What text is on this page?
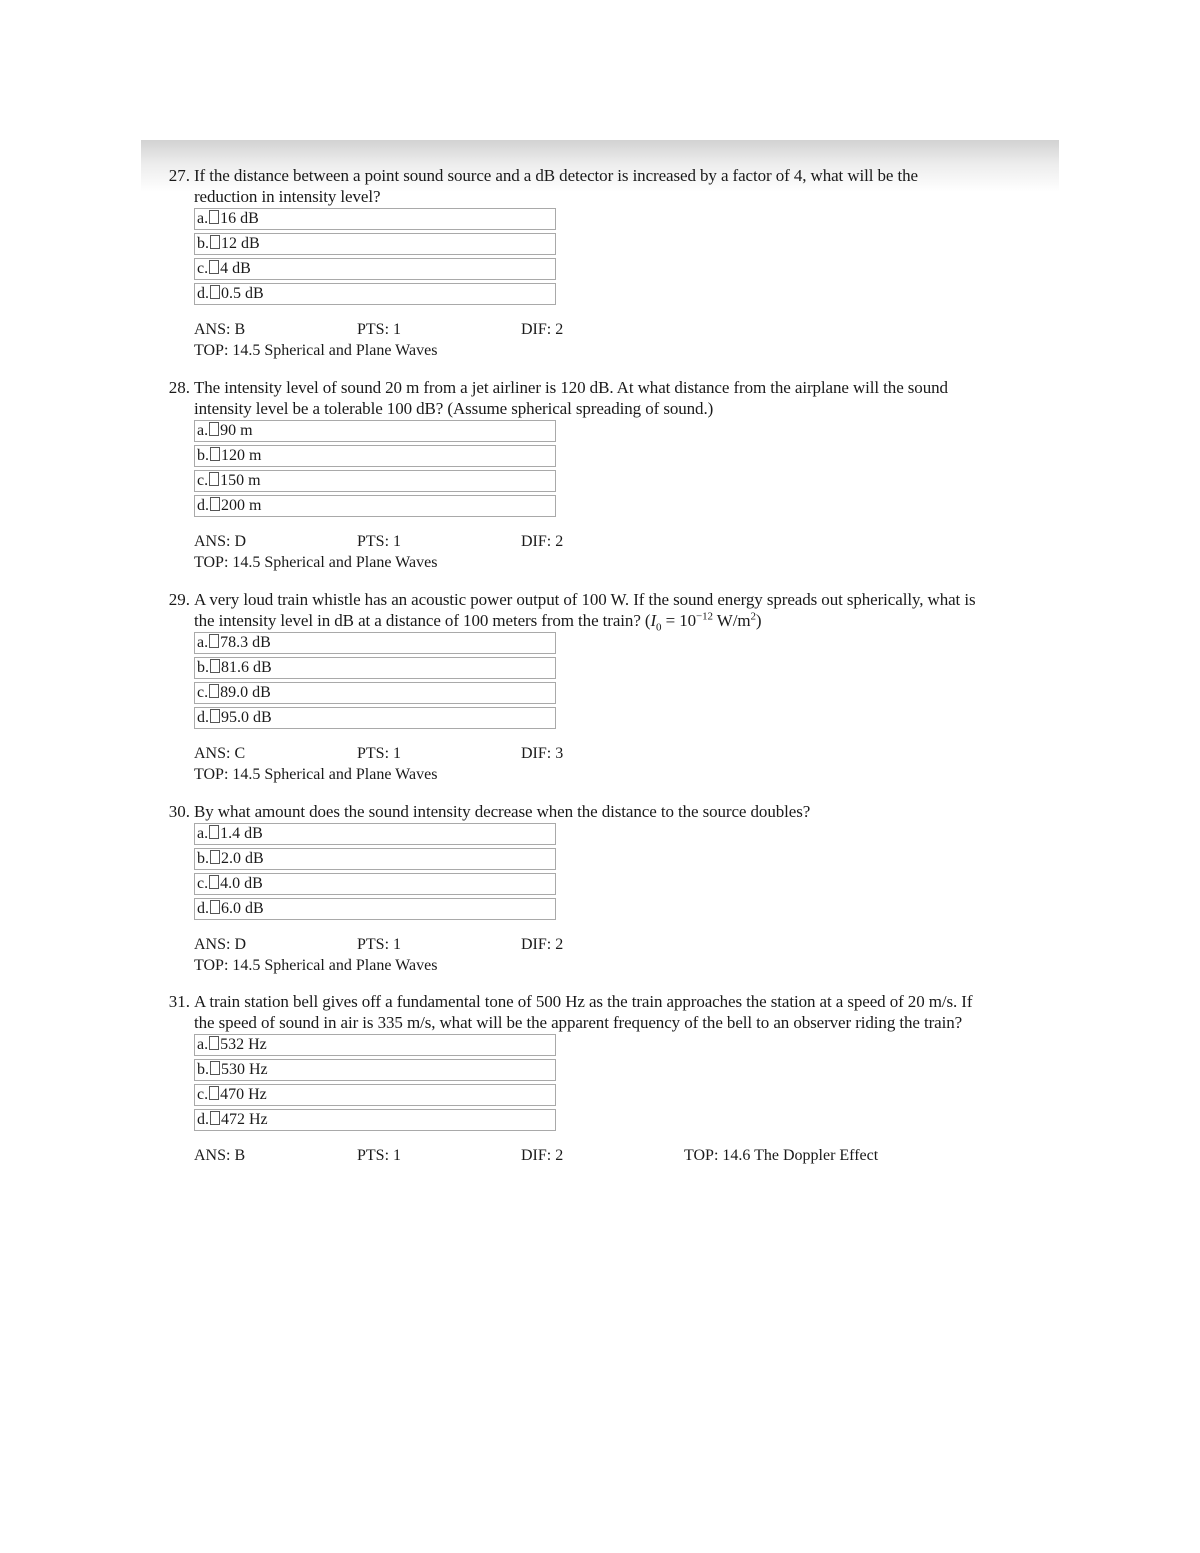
27. If the distance between a point sound source and a dB detector is increased by a factor of 4, what will be the reduction in intensity level?
a. 16 dB
b. 12 dB
c. 4 dB
d. 0.5 dB
ANS: B	PTS: 1	DIF: 2
TOP: 14.5 Spherical and Plane Waves
28. The intensity level of sound 20 m from a jet airliner is 120 dB. At what distance from the airplane will the sound intensity level be a tolerable 100 dB? (Assume spherical spreading of sound.)
a. 90 m
b. 120 m
c. 150 m
d. 200 m
ANS: D	PTS: 1	DIF: 2
TOP: 14.5 Spherical and Plane Waves
29. A very loud train whistle has an acoustic power output of 100 W. If the sound energy spreads out spherically, what is the intensity level in dB at a distance of 100 meters from the train? ($I_0 = 10^{-12}$ $W/m^2$)
a. 78.3 dB
b. 81.6 dB
c. 89.0 dB
d. 95.0 dB
ANS: C	PTS: 1	DIF: 3
TOP: 14.5 Spherical and Plane Waves
30. By what amount does the sound intensity decrease when the distance to the source doubles?
a. 1.4 dB
b. 2.0 dB
c. 4.0 dB
d. 6.0 dB
ANS: D	PTS: 1	DIF: 2
TOP: 14.5 Spherical and Plane Waves
31. A train station bell gives off a fundamental tone of 500 Hz as the train approaches the station at a speed of 20 m/s. If the speed of sound in air is 335 m/s, what will be the apparent frequency of the bell to an observer riding the train?
a. 532 Hz
b. 530 Hz
c. 470 Hz
d. 472 Hz
ANS: B	PTS: 1	DIF: 2	TOP: 14.6 The Doppler Effect
